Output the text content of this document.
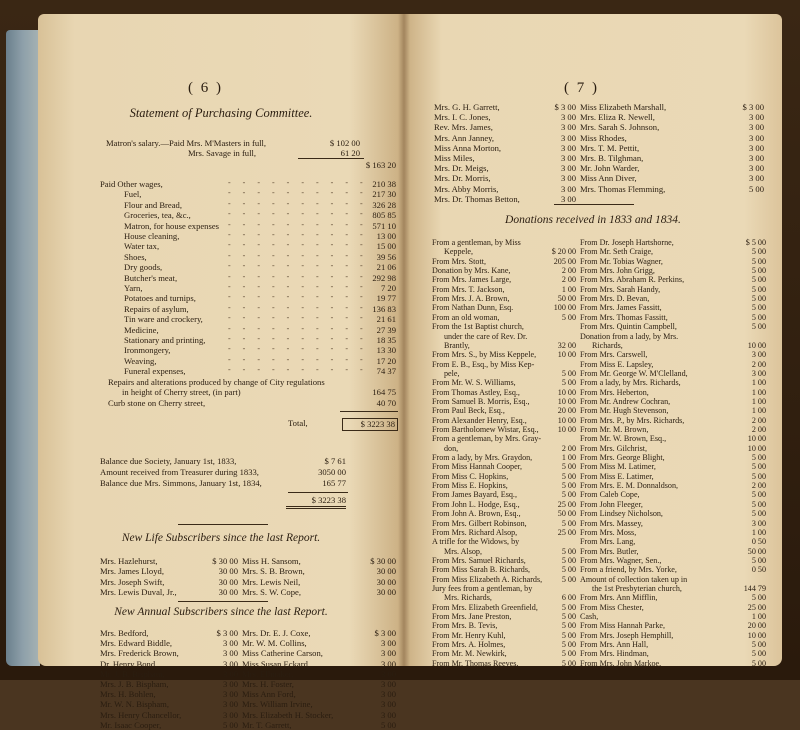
( 6 )
Statement of Purchasing Committee.
Matron's salary.—Paid Mrs. M'Masters in full,	$ 102 00
Mrs. Savage in full,	61 20
$ 163 20
Paid Other wages,	- - - - - - - - - - 210 38
Fuel,	- - - - - - - - - - 217 30
Flour and Bread,	- - - - - - - - - - 326 28
Groceries, tea, &c.,	- - - - - - - - - - 805 85
Matron, for house expenses - - - - - - - - - - 571 10
House cleaning,	- - - - - - - - - -	13 00
Water tax,	- - - - - - - - - -	15 00
Shoes,	- - - - - - - - - -	39 56
Dry goods,	- - - - - - - - - -	21 06
Butcher's meat,	- - - - - - - - - - 292 98
Yarn,	- - - - - - - - - -	7 20
Potatoes and turnips,	- - - - - - - - - -	19 77
Repairs of asylum,	- - - - - - - - - - 136 83
Tin ware and crockery,	- - - - - - - - - -	21 61
Medicine,	- - - - - - - - - -	27 39
Stationary and printing,	- - - - - - - - - -	18 35
Ironmongery,	- - - - - - - - - -	13 30
Weaving,	- - - - - - - - - -	17 20
Funeral expenses,	- - - - - - - - - -	74 37
Repairs and alterations produced by change of City regulations
in height of Cherry street, (in part)	164 75
Curb stone on Cherry street,	40 70
Total,	$ 3223 38
Balance due Society, January 1st, 1833,	$ 7 61
Amount received from Treasurer during 1833,	3050 00
Balance due Mrs. Simmons, January 1st, 1834,	165 77
$ 3223 38
New Life Subscribers since the last Report.
Mrs. Hazlehurst,	$ 30 00
Mrs. James Lloyd,	30 00
Mrs. Joseph Swift,	30 00
Mrs. Lewis Duval, Jr.,	30 00
Miss H. Sansom,	$ 30 00
Mrs. S. B. Brown,	30 00
Mrs. Lewis Neil,	30 00
Mrs. S. W. Cope,	30 00
New Annual Subscribers since the last Report.
Mrs. Bedford,	$ 3 00
Mrs. Edward Biddle,	3 00
Mrs. Frederick Brown,	3 00
Dr. Henry Bond,	3 00
Mr. J. B. Bispham,	3 00
Mrs. J. B. Bispham,	3 00
Mrs. H. Bohlen,	3 00
Mr. W. N. Bispham,	3 00
Mrs. Henry Chancellor,	3 00
Mr. Isaac Cooper,	5 00
Mrs. Dr. E. J. Coxe,	$ 3 00
Mr. W. M. Collins,	3 00
Miss Catherine Carson,	3 00
Miss Susan Eckard,	3 00
Mrs. Ellmaker,	3 00
Mrs. H. Foster,	3 00
Miss Ann Ford,	3 00
Mrs. William Irvine,	3 00
Mrs. Elizabeth H. Stocker,	3 00
Mr. T. Garrett,	5 00
( 7 )
Mrs. G. H. Garrett,	$ 3 00
Mrs. I. C. Jones,	3 00
Rev. Mrs. James,	3 00
Mrs. Ann Janney,	3 00
Miss Anna Morton,	3 00
Miss Miles,	3 00
Mrs. Dr. Meigs,	3 00
Mrs. Dr. Morris,	3 00
Mrs. Abby Morris,	3 00
Mrs. Dr. Thomas Betton,	3 00
Miss Elizabeth Marshall,	$ 3 00
Mrs. Eliza R. Newell,	3 00
Mrs. Sarah S. Johnson,	3 00
Miss Rhodes,	3 00
Mrs. T. M. Pettit,	3 00
Mrs. B. Tilghman,	3 00
Mr. John Warder,	3 00
Miss Ann Diver,	3 00
Mrs. Thomas Flemming,	5 00
Donations received in 1833 and 1834.
From a gentleman, by Miss
Keppele,	$ 20 00
From Mrs. Stott,	205 00
Donation by Mrs. Kane,	2 00
From Mrs. James Large,	2 00
From Mrs. T. Jackson,	1 00
From Mrs. J. A. Brown,	50 00
From Nathan Dunn, Esq.	100 00
From an old woman,	5 00
From the 1st Baptist church,
under the care of Rev. Dr.
Brantly,	32 00
From Mrs. S., by Miss Keppele,	10 00
From E. B., Esq., by Miss Kep-
pele,	5 00
From Mr. W. S. Williams,	5 00
From Thomas Astley, Esq.,	10 00
From Samuel B. Morris, Esq.,	10 00
From Paul Beck, Esq.,	20 00
From Alexander Henry, Esq.,	10 00
From Bartholomew Wistar, Esq.,	10 00
From a gentleman, by Mrs. Gray-
don,	2 00
From a lady, by Mrs. Graydon,	1 00
From Miss Hannah Cooper,	5 00
From Miss C. Hopkins,	5 00
From Miss E. Hopkins,	5 00
From James Bayard, Esq.,	5 00
From John L. Hodge, Esq.,	25 00
From John A. Brown, Esq.,	50 00
From Mrs. Gilbert Robinson,	5 00
From Mrs. Richard Alsop,	25 00
A trifle for the Widows, by
Mrs. Alsop,	5 00
From Mrs. Samuel Richards,	5 00
From Miss Sarah B. Richards,	5 00
From Miss Elizabeth A. Richards,	5 00
Jury fees from a gentleman, by
Mrs. Richards,	6 00
From Mrs. Elizabeth Greenfield,	5 00
From Mrs. Jane Preston,	5 00
From Mrs. B. Tevis,	5 00
From Mr. Henry Kuhl,	5 00
From Mrs. A. Holmes,	5 00
From Mr. M. Newkirk,	5 00
From Mr. Thomas Reeves,	5 00
From Dr. Joseph Hartshorne,	$ 5 00
From Mr. Seth Craige,	5 00
From Mr. Tobias Wagner,	5 00
From Mrs. John Grigg,	5 00
From Mrs. Abraham R. Perkins,	5 00
From Mrs. Sarah Handy,	5 00
From Mrs. D. Bevan,	5 00
From Mrs. James Fassitt,	5 00
From Mrs. Thomas Fassitt,	5 00
From Mrs. Quintin Campbell,	5 00
Donation from a lady, by Mrs.
Richards,	10 00
From Mrs. Carswell,	3 00
From Miss E. Lapsley,	2 00
From Mr. George W. M'Clelland,	3 00
From a lady, by Mrs. Richards,	1 00
From Mrs. Heberton,	1 00
From Mr. Andrew Cochran,	1 00
From Mr. Hugh Stevenson,	1 00
From Mrs. P., by Mrs. Richards,	2 00
From Mr. M. Brown,	2 00
From Mr. W. Brown, Esq.,	10 00
From Mrs. Gilchrist,	10 00
From Mrs. George Blight,	5 00
From Miss M. Latimer,	5 00
From Miss E. Latimer,	5 00
From Mrs. E. M. Donnaldson,	2 00
From Caleb Cope,	5 00
From John Fleeger,	5 00
From Lindsey Nicholson,	5 00
From Mrs. Massey,	3 00
From Mrs. Moss,	1 00
From Mrs. Lang,	0 50
From Mrs. Butler,	50 00
From Mrs. Wagner, Sen.,	5 00
From a friend, by Mrs. Yorke,	0 50
Amount of collection taken up in
the 1st Presbyterian church,	144 79
From Mrs. Ann Mifflin,	5 00
From Miss Chester,	25 00
Cash,	1 00
From Miss Hannah Parke,	20 00
From Mrs. Joseph Hemphill,	10 00
From Mrs. Ann Hall,	5 00
From Mrs. Hindman,	5 00
From Mrs. John Markoe,	5 00
